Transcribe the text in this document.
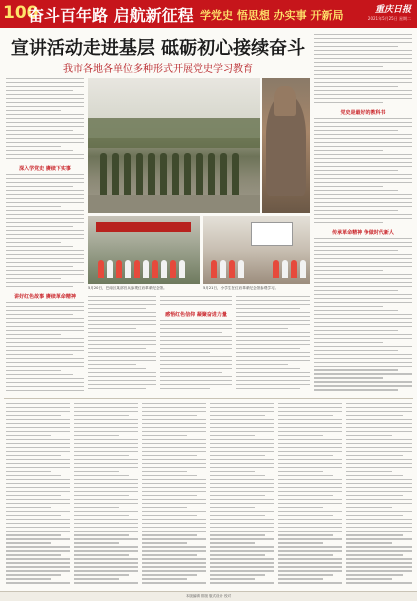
100
奋斗百年路 启航新征程 学党史 悟思想 办实事 开新局	重庆日报
2021年5月25日 星期二
宣讲活动走进基层 砥砺初心接续奋斗
我市各地各单位多种形式开展党史学习教育
深入学党史 赓续下实事
讲好红色故事 赓续革命精神
党史是最好的教科书
传承革命精神 争做时代新人
5月20日，巴南区某部官兵参观红岩革命纪念馆。	5月21日，小学生在红岩革命纪念馆参观学习。
感悟红色信仰 凝聚奋进力量
本版编辑 排版 版式设计 校对
